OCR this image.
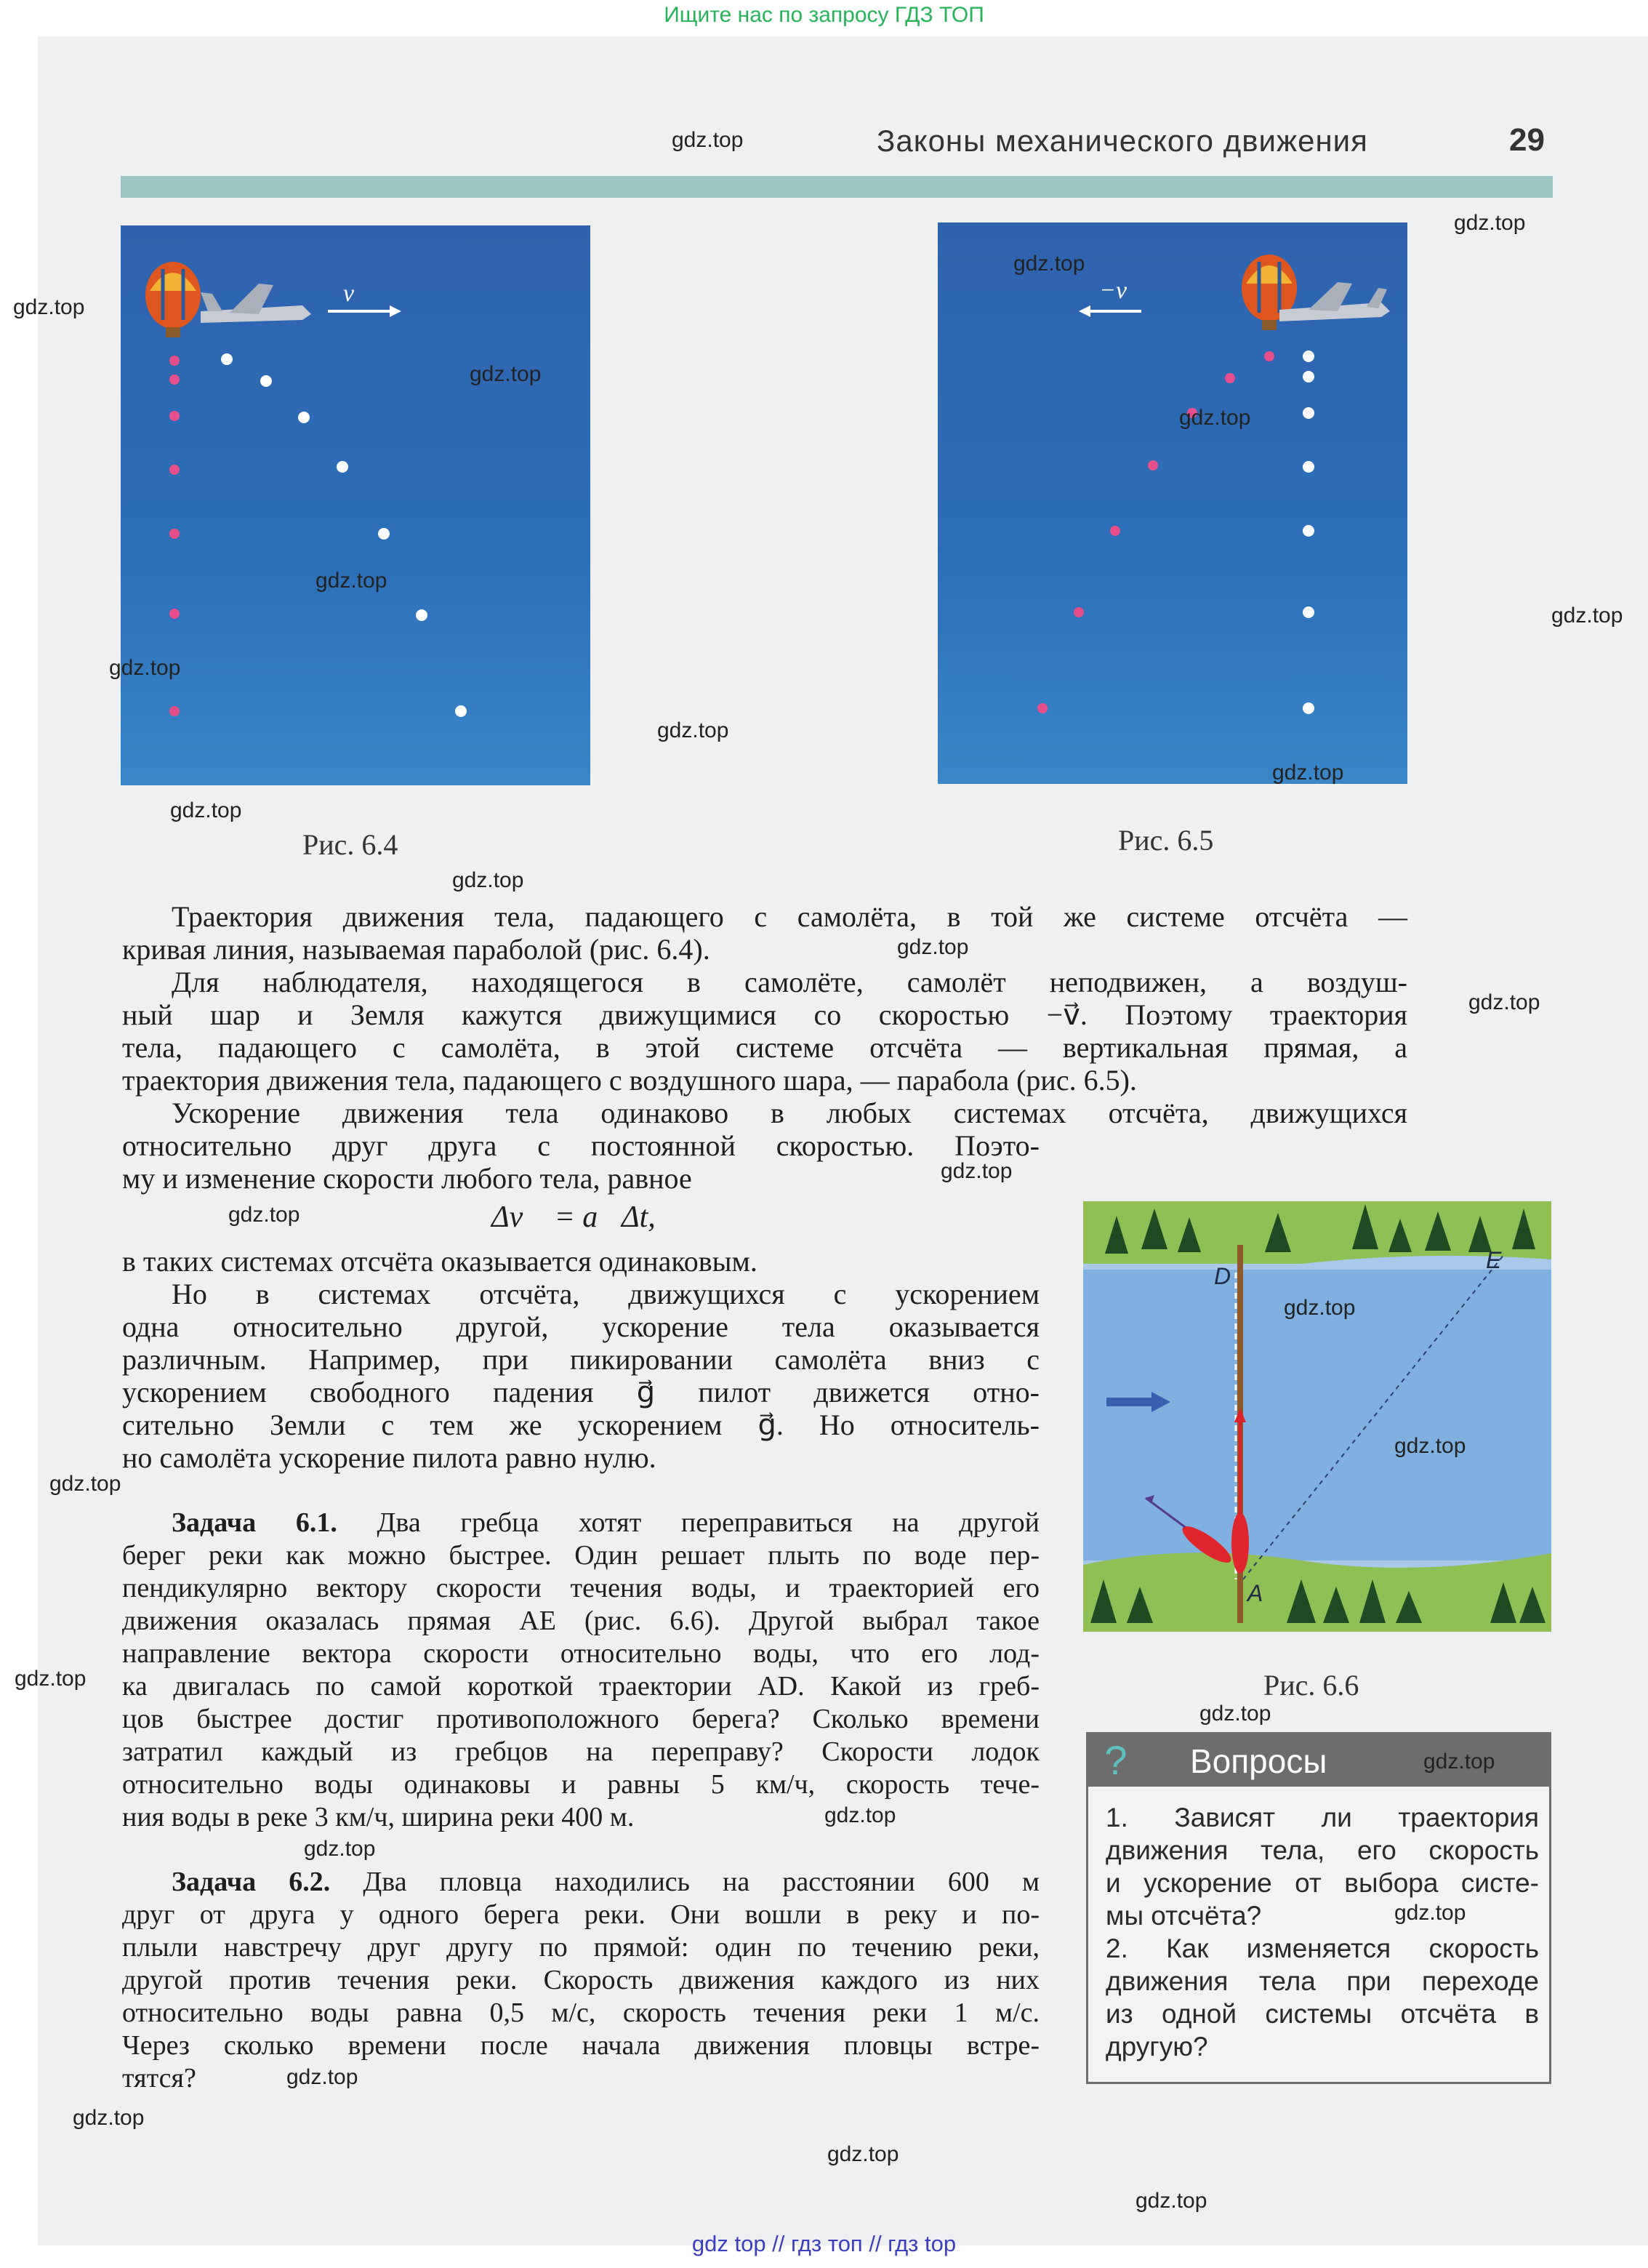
Ищите нас по запросу ГДЗ ТОП
Законы механического движения	29
v⃗
Рис. 6.4
−v⃗
Рис. 6.5
Траектория движения тела, падающего с самолёта, в той же системе отсчёта —
кривая линия, называемая параболой (рис. 6.4).
Для наблюдателя, находящегося в самолёте, самолёт неподвижен, а воздуш-
ный шар и Земля кажутся движущимися со скоростью −v⃗. Поэтому траектория
тела, падающего с самолёта, в этой системе отсчёта — вертикальная прямая, а
траектория движения тела, падающего с воздушного шара, — парабола (рис. 6.5).
Ускорение движения тела одинаково в любых системах отсчёта, движущихся
относительно друг друга с постоянной скоростью. Поэто-
му и изменение скорости любого тела, равное
Δv⃗ = a⃗Δt,
в таких системах отсчёта оказывается одинаковым.
Но в системах отсчёта, движущихся с ускорением
одна относительно другой, ускорение тела оказывается
различным. Например, при пикировании самолёта вниз с
ускорением свободного падения g⃗ пилот движется отно-
сительно Земли с тем же ускорением g⃗. Но относитель-
но самолёта ускорение пилота равно нулю.
Задача 6.1. Два гребца хотят переправиться на другой
берег реки как можно быстрее. Один решает плыть по воде пер-
пендикулярно вектору скорости течения воды, и траекторией его
движения оказалась прямая AE (рис. 6.6). Другой выбрал такое
направление вектора скорости относительно воды, что его лод-
ка двигалась по самой короткой траектории AD. Какой из греб-
цов быстрее достиг противоположного берега? Сколько времени
затратил каждый из гребцов на переправу? Скорости лодок
относительно воды одинаковы и равны 5 км/ч, скорость тече-
ния воды в реке 3 км/ч, ширина реки 400 м.
Задача 6.2. Два пловца находились на расстоянии 600 м
друг от друга у одного берега реки. Они вошли в реку и по-
плыли навстречу друг другу по прямой: один по течению реки,
другой против течения реки. Скорость движения каждого из них
относительно воды равна 0,5 м/с, скорость течения реки 1 м/с.
Через сколько времени после начала движения пловцы встре-
тятся?
D
E
A
Рис. 6.6
? Вопросы
1. Зависят ли траектория
движения тела, его скорость
и ускорение от выбора систе-
мы отсчёта?
2. Как изменяется скорость
движения тела при переходе
из одной системы отсчёта в
другую?
gdz.top
gdz.top
gdz.top
gdz.top
gdz.top
gdz.top
gdz.top
gdz.top
gdz.top
gdz.top
gdz.top
gdz.top
gdz.top
gdz.top
gdz.top
gdz.top
gdz.top
gdz.top
gdz.top
gdz.top
gdz.top
gdz.top
gdz.top
gdz.top
gdz.top
gdz.top
gdz.top
gdz.top
gdz.top
gdz.top
gdz top // гдз топ // гдз top
